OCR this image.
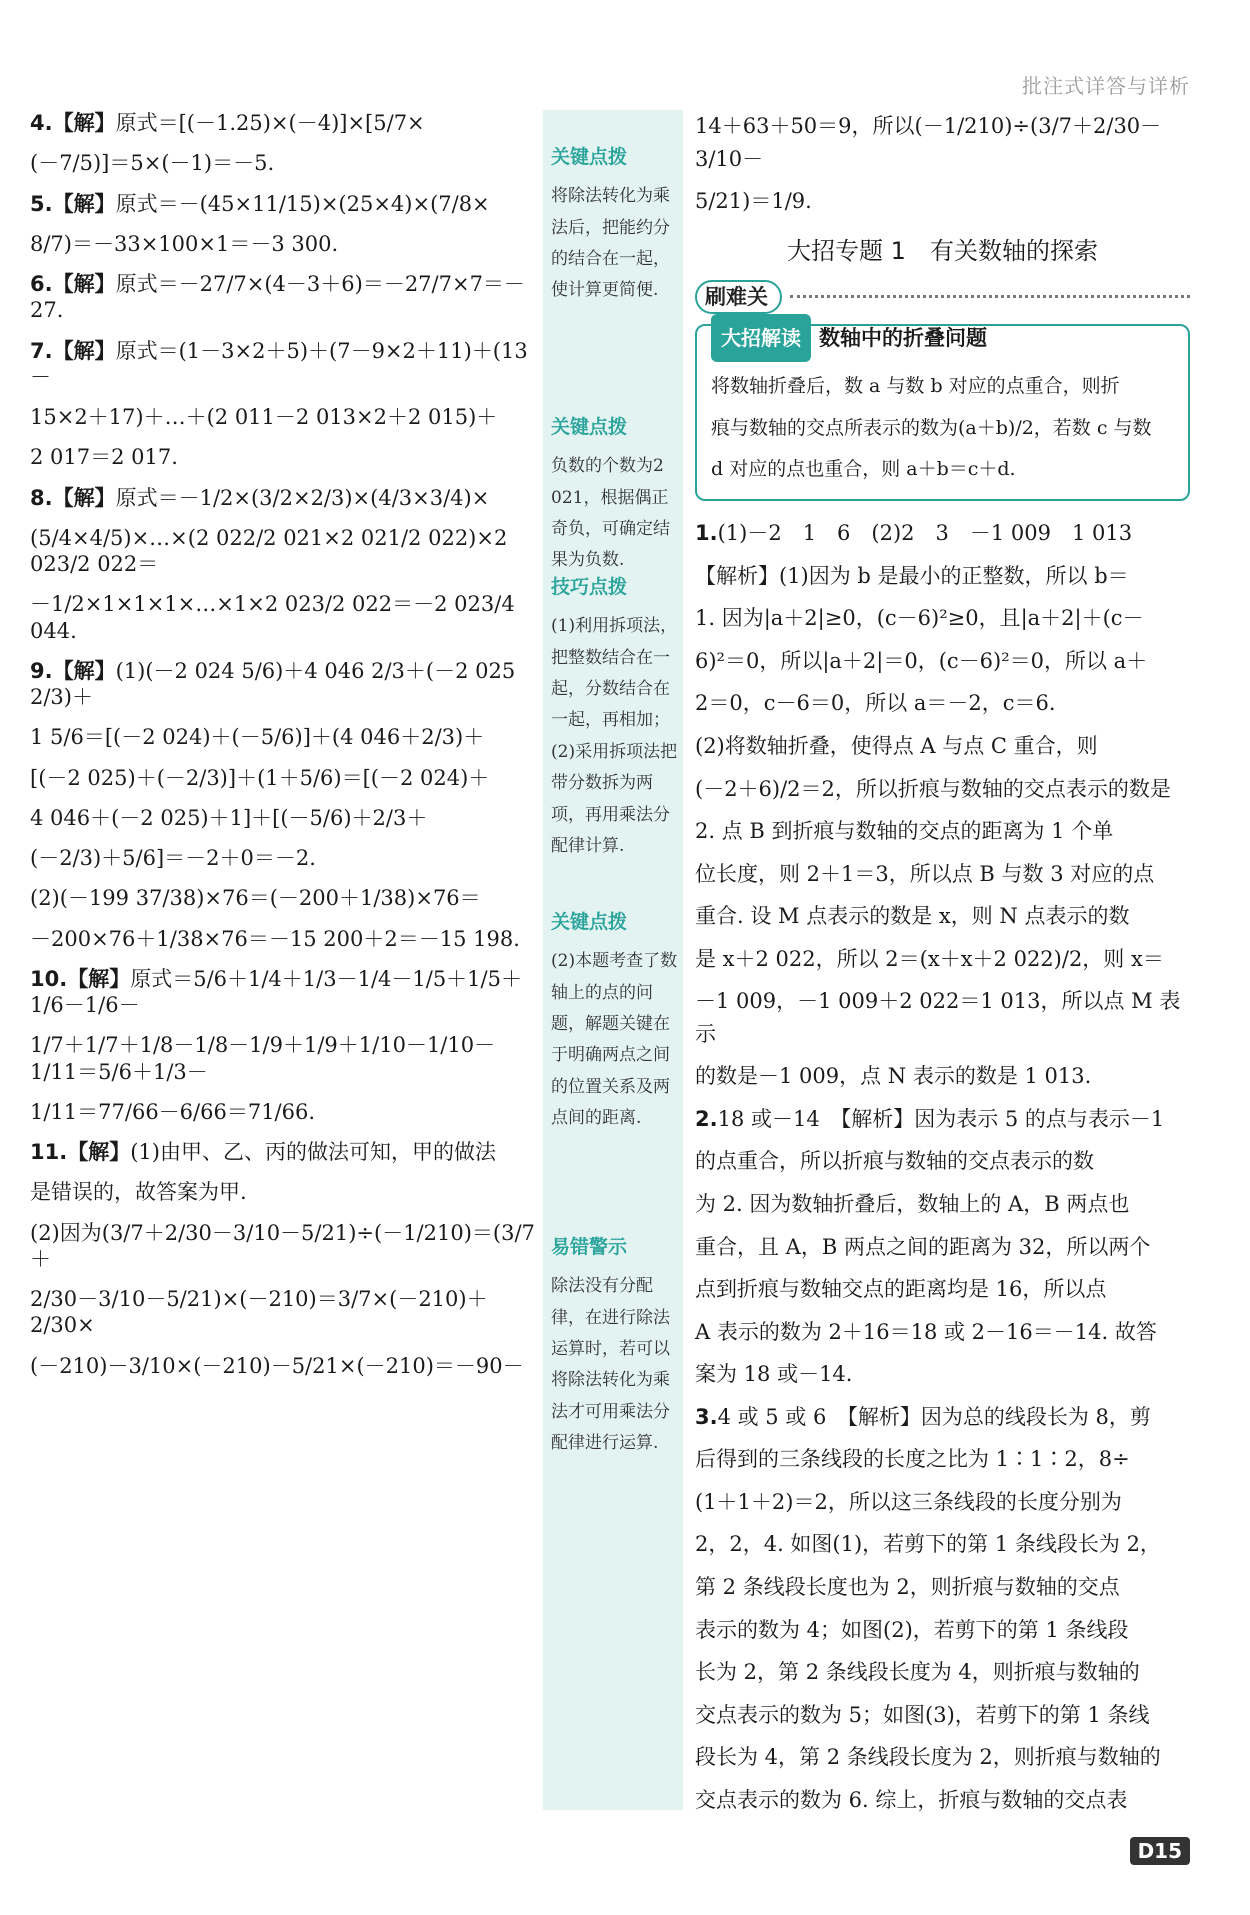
批注式详答与详析
4.【解】原式＝[(－1.25)×(－4)]×[5/7×
(－7/5)]＝5×(－1)＝－5.
5.【解】原式＝－(45×11/15)×(25×4)×(7/8×
8/7)＝－33×100×1＝－3 300.
6.【解】原式＝－27/7×(4－3＋6)＝－27/7×7＝－27.
7.【解】原式＝(1－3×2＋5)＋(7－9×2＋11)＋(13－
15×2＋17)＋…＋(2 011－2 013×2＋2 015)＋
2 017＝2 017.
8.【解】原式＝－1/2×(3/2×2/3)×(4/3×3/4)×
(5/4×4/5)×…×(2 022/2 021×2 021/2 022)×2 023/2 022＝
－1/2×1×1×1×…×1×2 023/2 022＝－2 023/4 044.
9.【解】(1)(－2 024 5/6)＋4 046 2/3＋(－2 025 2/3)＋
1 5/6＝[(－2 024)＋(－5/6)]＋(4 046＋2/3)＋
[(－2 025)＋(－2/3)]＋(1＋5/6)＝[(－2 024)＋
4 046＋(－2 025)＋1]＋[(－5/6)＋2/3＋
(－2/3)＋5/6]＝－2＋0＝－2.
(2)(－199 37/38)×76＝(－200＋1/38)×76＝
－200×76＋1/38×76＝－15 200＋2＝－15 198.
10.【解】原式＝5/6＋1/4＋1/3－1/4－1/5＋1/5＋1/6－1/6－
1/7＋1/7＋1/8－1/8－1/9＋1/9＋1/10－1/10－1/11＝5/6＋1/3－
1/11＝77/66－6/66＝71/66.
11.【解】(1)由甲、乙、丙的做法可知，甲的做法
是错误的，故答案为甲.
(2)因为(3/7＋2/30－3/10－5/21)÷(－1/210)＝(3/7＋
2/30－3/10－5/21)×(－210)＝3/7×(－210)＋2/30×
(－210)－3/10×(－210)－5/21×(－210)＝－90－
关键点拨
将除法转化为乘法后，把能约分的结合在一起，使计算更简便.
关键点拨
负数的个数为2 021，根据偶正奇负，可确定结果为负数.
技巧点拨
(1)利用拆项法，把整数结合在一起，分数结合在一起，再相加；(2)采用拆项法把带分数拆为两项，再用乘法分配律计算.
关键点拨
(2)本题考查了数轴上的点的问题，解题关键在于明确两点之间的位置关系及两点间的距离.
易错警示
除法没有分配律，在进行除法运算时，若可以将除法转化为乘法才可用乘法分配律进行运算.
14＋63＋50＝9，所以(－1/210)÷(3/7＋2/30－3/10－
5/21)＝1/9.
大招专题 1　有关数轴的探索
刷难关
大招解读 数轴中的折叠问题
将数轴折叠后，数 a 与数 b 对应的点重合，则折
痕与数轴的交点所表示的数为(a＋b)/2，若数 c 与数
d 对应的点也重合，则 a＋b＝c＋d.
1.(1)－2　1　6　(2)2　3　－1 009　1 013
【解析】(1)因为 b 是最小的正整数，所以 b＝
1. 因为|a＋2|≥0，(c－6)²≥0，且|a＋2|＋(c－
6)²＝0，所以|a＋2|＝0，(c－6)²＝0，所以 a＋
2＝0，c－6＝0，所以 a＝－2，c＝6.
(2)将数轴折叠，使得点 A 与点 C 重合，则
(－2＋6)/2＝2，所以折痕与数轴的交点表示的数是
2. 点 B 到折痕与数轴的交点的距离为 1 个单
位长度，则 2＋1＝3，所以点 B 与数 3 对应的点
重合. 设 M 点表示的数是 x，则 N 点表示的数
是 x＋2 022，所以 2＝(x＋x＋2 022)/2，则 x＝
－1 009，－1 009＋2 022＝1 013，所以点 M 表示
的数是－1 009，点 N 表示的数是 1 013.
2.18 或－14　【解析】因为表示 5 的点与表示－1
的点重合，所以折痕与数轴的交点表示的数
为 2. 因为数轴折叠后，数轴上的 A，B 两点也
重合，且 A，B 两点之间的距离为 32，所以两个
点到折痕与数轴交点的距离均是 16，所以点
A 表示的数为 2＋16＝18 或 2－16＝－14. 故答
案为 18 或－14.
3.4 或 5 或 6　【解析】因为总的线段长为 8，剪
后得到的三条线段的长度之比为 1∶1∶2，8÷
(1＋1＋2)＝2，所以这三条线段的长度分别为
2，2，4. 如图(1)，若剪下的第 1 条线段长为 2，
第 2 条线段长度也为 2，则折痕与数轴的交点
表示的数为 4；如图(2)，若剪下的第 1 条线段
长为 2，第 2 条线段长度为 4，则折痕与数轴的
交点表示的数为 5；如图(3)，若剪下的第 1 条线
段长为 4，第 2 条线段长度为 2，则折痕与数轴的
交点表示的数为 6. 综上，折痕与数轴的交点表
D15
